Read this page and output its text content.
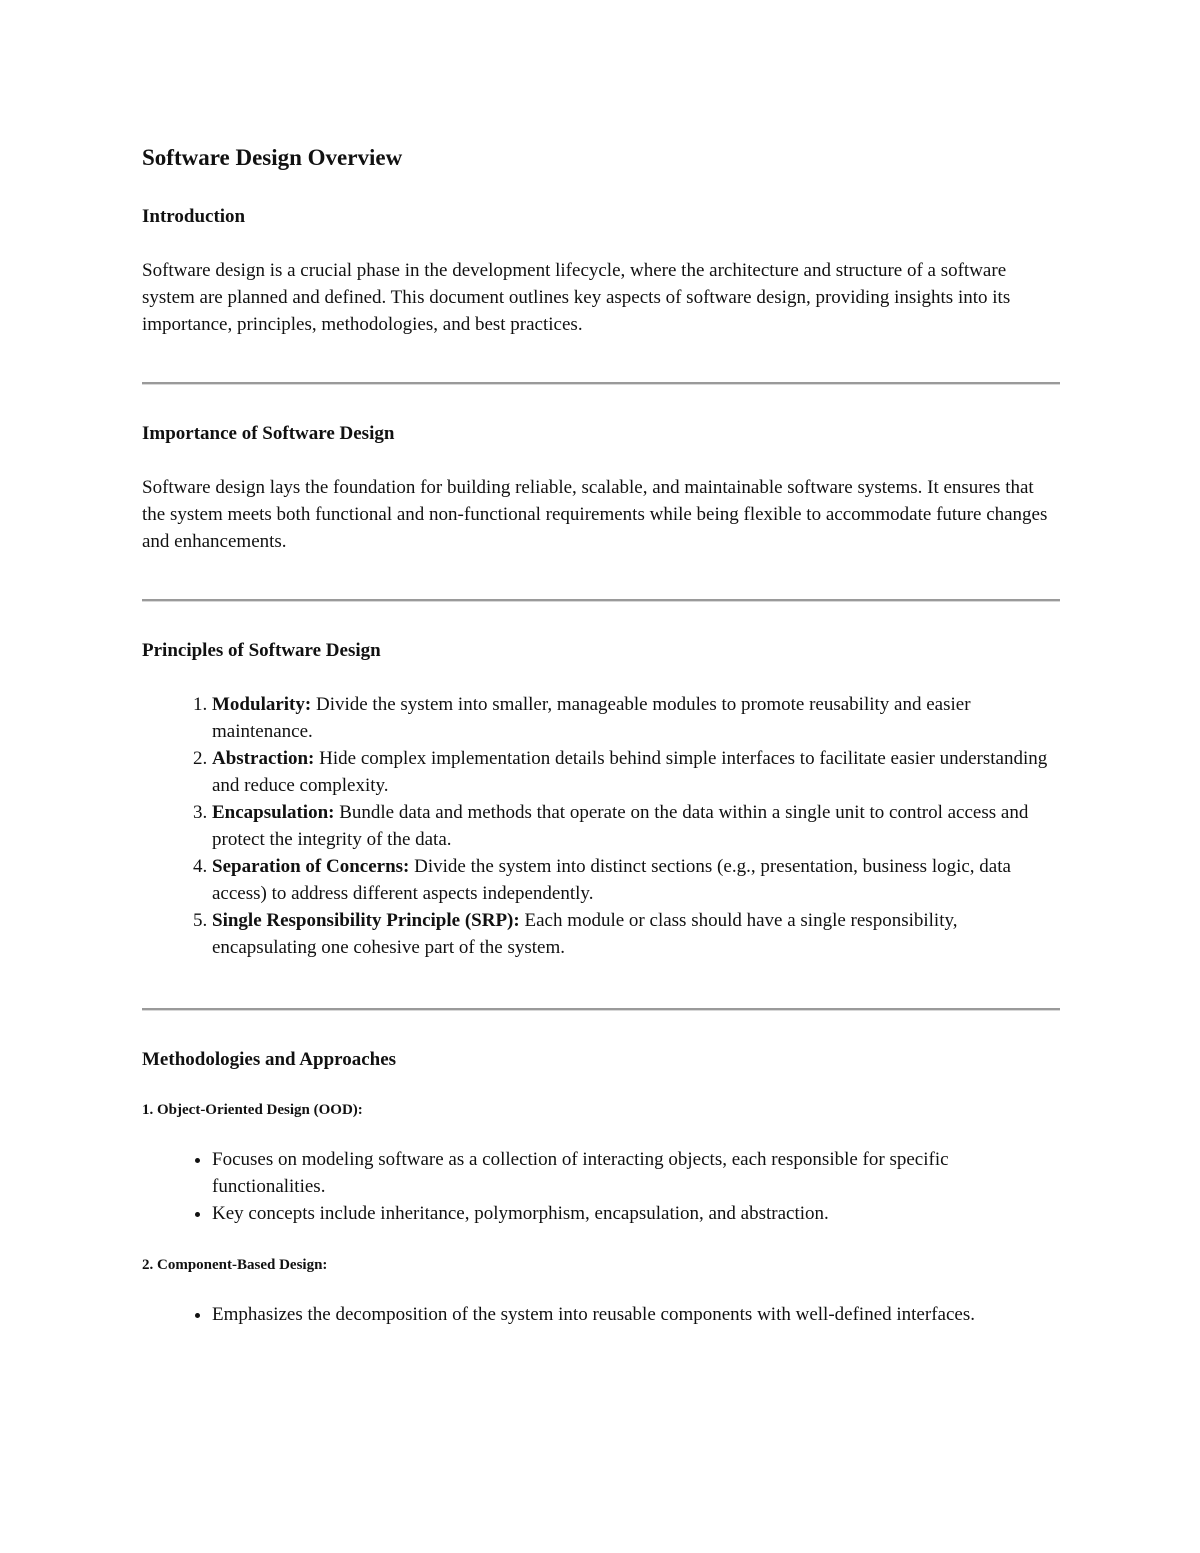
Software Design Overview
Introduction

Software design is a crucial phase in the development lifecycle, where the architecture and structure of a software system are planned and defined. This document outlines key aspects of software design, providing insights into its importance, principles, methodologies, and best practices.

Importance of Software Design

Software design lays the foundation for building reliable, scalable, and maintainable software systems. It ensures that the system meets both functional and non-functional requirements while being flexible to accommodate future changes and enhancements.

Principles of Software Design
1. Modularity: Divide the system into smaller, manageable modules to promote reusability and easier maintenance.
2. Abstraction: Hide complex implementation details behind simple interfaces to facilitate easier understanding and reduce complexity.
3. Encapsulation: Bundle data and methods that operate on the data within a single unit to control access and protect the integrity of the data.
4. Separation of Concerns: Divide the system into distinct sections (e.g., presentation, business logic, data access) to address different aspects independently.
5. Single Responsibility Principle (SRP): Each module or class should have a single responsibility, encapsulating one cohesive part of the system.
Methodologies and Approaches
1. Object-Oriented Design (OOD):
• Focuses on modeling software as a collection of interacting objects, each responsible for specific functionalities.
• Key concepts include inheritance, polymorphism, encapsulation, and abstraction.
2. Component-Based Design:
• Emphasizes the decomposition of the system into reusable components with well-defined interfaces.
